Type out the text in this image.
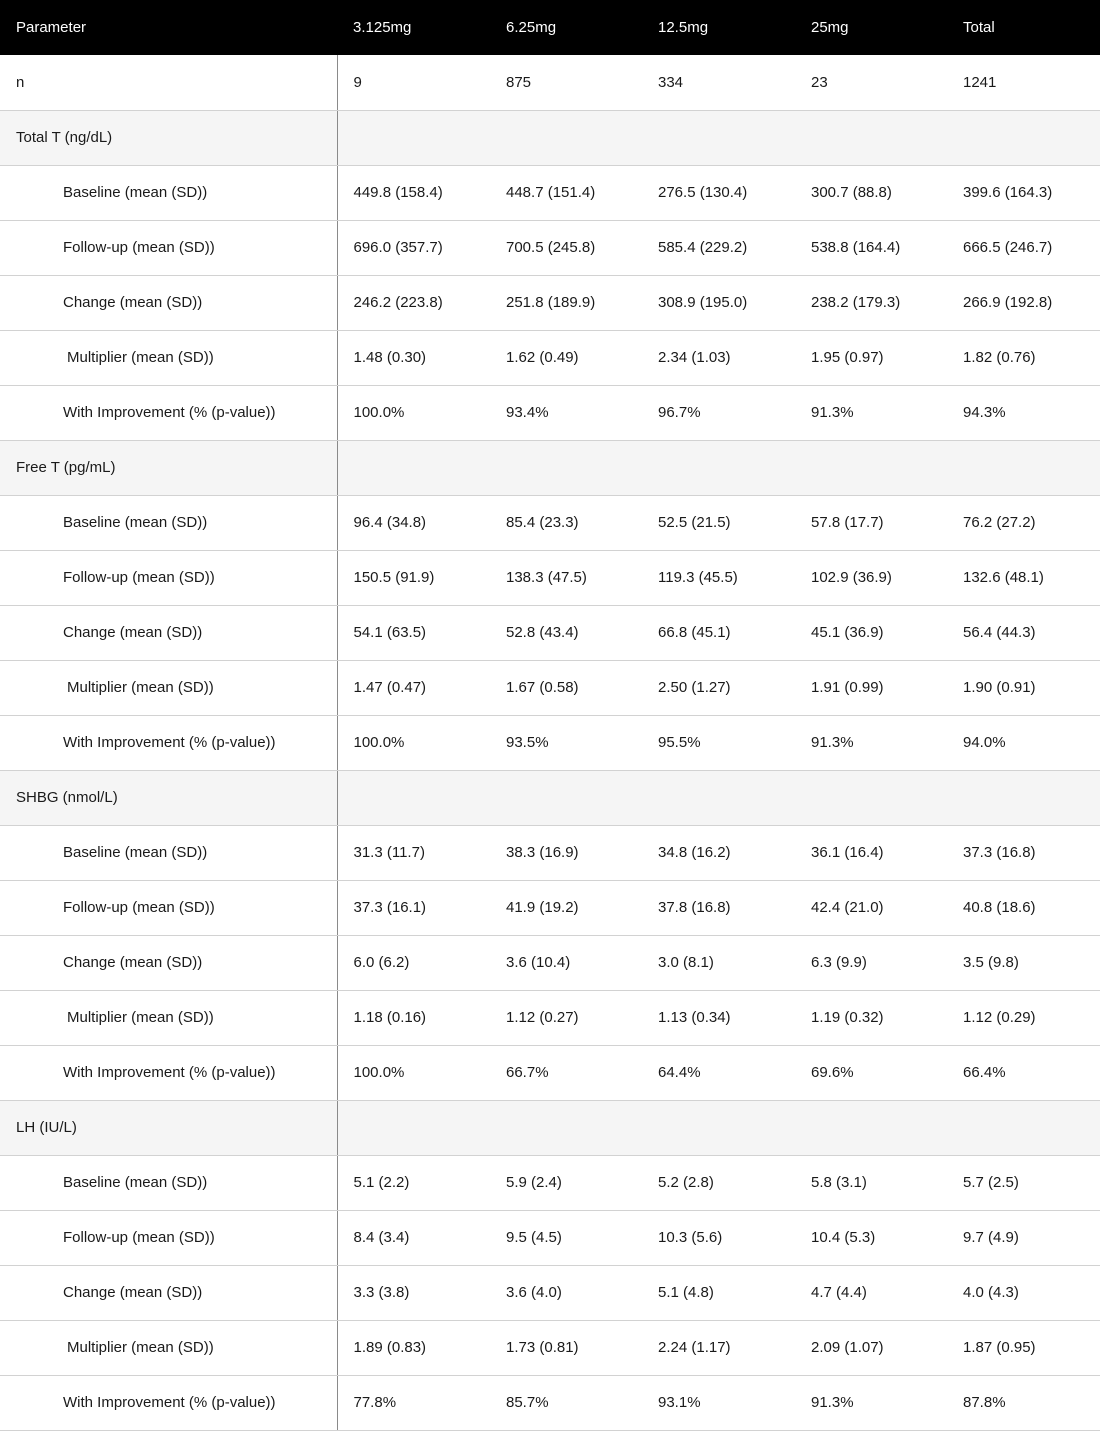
Parameter	3.125mg	6.25mg	12.5mg	25mg	Total
n	9	875	334	23	1241
Total T (ng/dL)					
Baseline (mean (SD))	449.8 (158.4)	448.7 (151.4)	276.5 (130.4)	300.7 (88.8)	399.6 (164.3)
Follow-up (mean (SD))	696.0 (357.7)	700.5 (245.8)	585.4 (229.2)	538.8 (164.4)	666.5 (246.7)
Change (mean (SD))	246.2 (223.8)	251.8 (189.9)	308.9 (195.0)	238.2 (179.3)	266.9 (192.8)
Multiplier (mean (SD))	1.48 (0.30)	1.62 (0.49)	2.34 (1.03)	1.95 (0.97)	1.82 (0.76)
With Improvement (% (p-value))	100.0%	93.4%	96.7%	91.3%	94.3%
Free T (pg/mL)					
Baseline (mean (SD))	96.4 (34.8)	85.4 (23.3)	52.5 (21.5)	57.8 (17.7)	76.2 (27.2)
Follow-up (mean (SD))	150.5 (91.9)	138.3 (47.5)	119.3 (45.5)	102.9 (36.9)	132.6 (48.1)
Change (mean (SD))	54.1 (63.5)	52.8 (43.4)	66.8 (45.1)	45.1 (36.9)	56.4 (44.3)
Multiplier (mean (SD))	1.47 (0.47)	1.67 (0.58)	2.50 (1.27)	1.91 (0.99)	1.90 (0.91)
With Improvement (% (p-value))	100.0%	93.5%	95.5%	91.3%	94.0%
SHBG (nmol/L)					
Baseline (mean (SD))	31.3 (11.7)	38.3 (16.9)	34.8 (16.2)	36.1 (16.4)	37.3 (16.8)
Follow-up (mean (SD))	37.3 (16.1)	41.9 (19.2)	37.8 (16.8)	42.4 (21.0)	40.8 (18.6)
Change (mean (SD))	6.0 (6.2)	3.6 (10.4)	3.0 (8.1)	6.3 (9.9)	3.5 (9.8)
Multiplier (mean (SD))	1.18 (0.16)	1.12 (0.27)	1.13 (0.34)	1.19 (0.32)	1.12 (0.29)
With Improvement (% (p-value))	100.0%	66.7%	64.4%	69.6%	66.4%
LH (IU/L)					
Baseline (mean (SD))	5.1 (2.2)	5.9 (2.4)	5.2 (2.8)	5.8 (3.1)	5.7 (2.5)
Follow-up (mean (SD))	8.4 (3.4)	9.5 (4.5)	10.3 (5.6)	10.4 (5.3)	9.7 (4.9)
Change (mean (SD))	3.3 (3.8)	3.6 (4.0)	5.1 (4.8)	4.7 (4.4)	4.0 (4.3)
Multiplier (mean (SD))	1.89 (0.83)	1.73 (0.81)	2.24 (1.17)	2.09 (1.07)	1.87 (0.95)
With Improvement (% (p-value))	77.8%	85.7%	93.1%	91.3%	87.8%
